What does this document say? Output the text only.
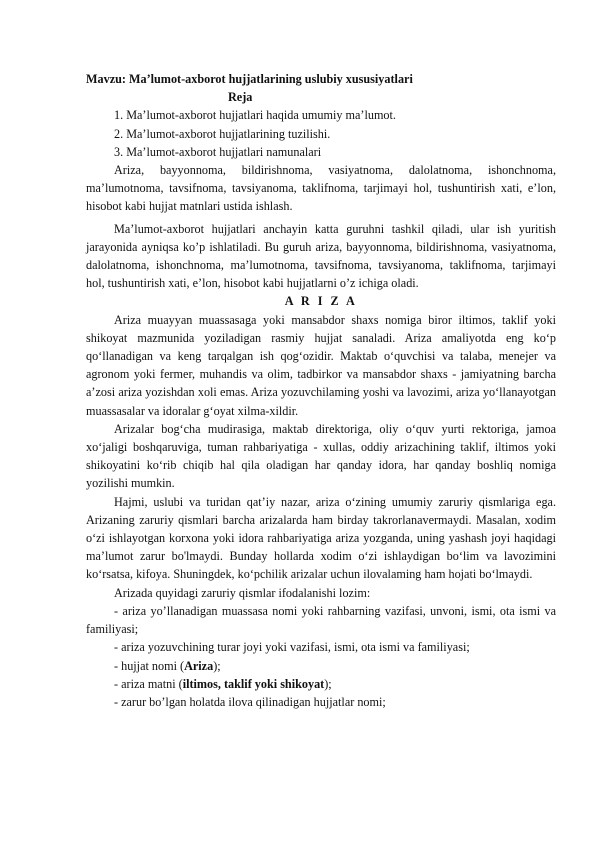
Mavzu: Ma’lumot-axborot hujjatlarining uslubiy xususiyatlari
Reja
1. Ma’lumot-axborot hujjatlari haqida umumiy ma’lumot.
2. Ma’lumot-axborot hujjatlarining tuzilishi.
3. Ma’lumot-axborot hujjatlari namunalari

Ariza, bayyonnoma, bildirishnoma, vasiyatnoma, dalolatnoma, ishonchnoma, ma’lumotnoma, tavsifnoma, tavsiyanoma, taklifnoma, tarjimayi hol, tushuntirish xati, e’lon, hisobot kabi hujjat matnlari ustida ishlash.

Ma’lumot-axborot hujjatlari anchayin katta guruhni tashkil qiladi, ular ish yuritish jarayonida ayniqsa ko’p ishlatiladi. Bu guruh ariza, bayyonnoma, bildirishnoma, vasiyatnoma, dalolatnoma, ishonchnoma, ma’lumotnoma, tavsifnoma, tavsiyanoma, taklifnoma, tarjimayi hol, tushuntirish xati, e’lon, hisobot kabi hujjatlarni o’z ichiga oladi.

A R I Z A

Ariza muayyan muassasaga yoki mansabdor shaxs nomiga biror iltimos, taklif yoki shikoyat mazmunida yoziladigan rasmiy hujjat sanaladi. Ariza amaliyotda eng ko‘p qo‘llanadigan va keng tarqalgan ish qog‘ozidir. Maktab o‘quvchisi va talaba, menejer va agronom yoki fermer, muhandis va olim, tadbirkor va mansabdor shaxs - jamiyatning barcha a’zosi ariza yozishdan xoli emas. Ariza yozuvchilaming yoshi va lavozimi, ariza yo‘llanayotgan muassasalar va idoralar g‘oyat xilma-xildir.

Arizalar bog‘cha mudirasiga, maktab direktoriga, oliy o‘quv yurti rektoriga, jamoa xo‘jaligi boshqaruviga, tuman rahbariyatiga - xullas, oddiy arizachining taklif, iltimos yoki shikoyatini ko‘rib chiqib hal qila oladigan har qanday idora, har qanday boshliq nomiga yozilishi mumkin.

Hajmi, uslubi va turidan qat’iy nazar, ariza o‘zining umumiy zaruriy qismlariga ega. Arizaning zaruriy qismlari barcha arizalarda ham birday takrorlanavermaydi. Masalan, xodim o‘zi ishlayotgan korxona yoki idora rahbariyatiga ariza yozganda, uning yashash joyi haqidagi ma’lumot zarur bo'lmaydi. Bunday hollarda xodim o‘zi ishlaydigan bo‘lim va lavozimini ko‘rsatsa, kifoya. Shuningdek, ko‘pchilik arizalar uchun ilovalaming ham hojati bo‘lmaydi.

Arizada quyidagi zaruriy qismlar ifodalanishi lozim:

- ariza yo’llanadigan muassasa nomi yoki rahbarning vazifasi, unvoni, ismi, ota ismi va familiyasi;
- ariza yozuvchining turar joyi yoki vazifasi, ismi, ota ismi va familiyasi;
- hujjat nomi (Ariza);
- ariza matni (iltimos, taklif yoki shikoyat);
- zarur bo’lgan holatda ilova qilinadigan hujjatlar nomi;
